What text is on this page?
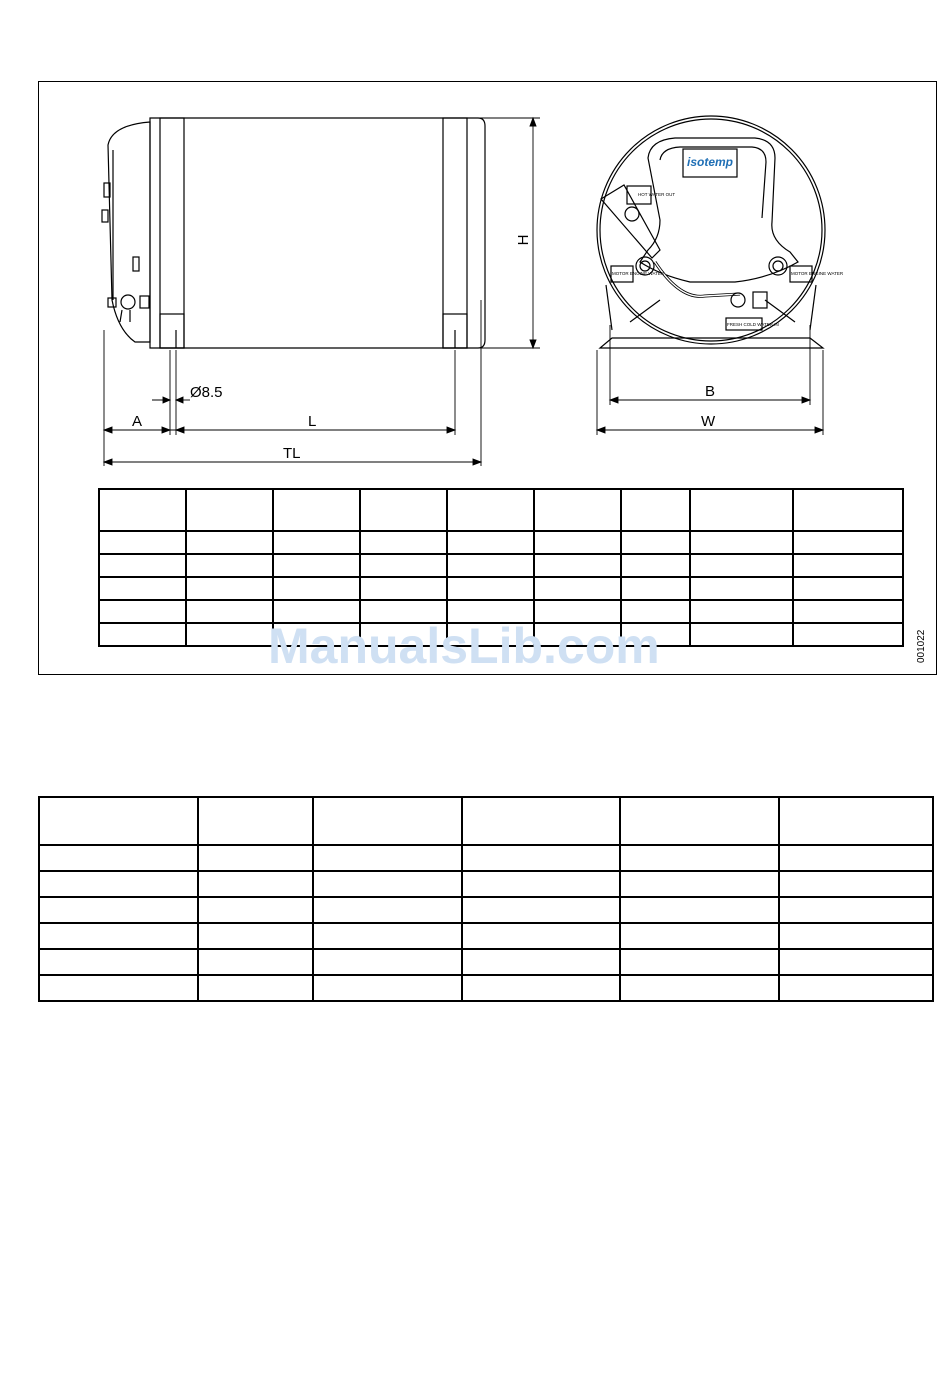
isotemp
HOT WATER OUT
MOTOR ENGINE WATER	MOTOR ENGINE WATER
FRESH COLD WATER IN
A	L
TL
Ø8.5
H
B
W

ManualsLib.com	001022
